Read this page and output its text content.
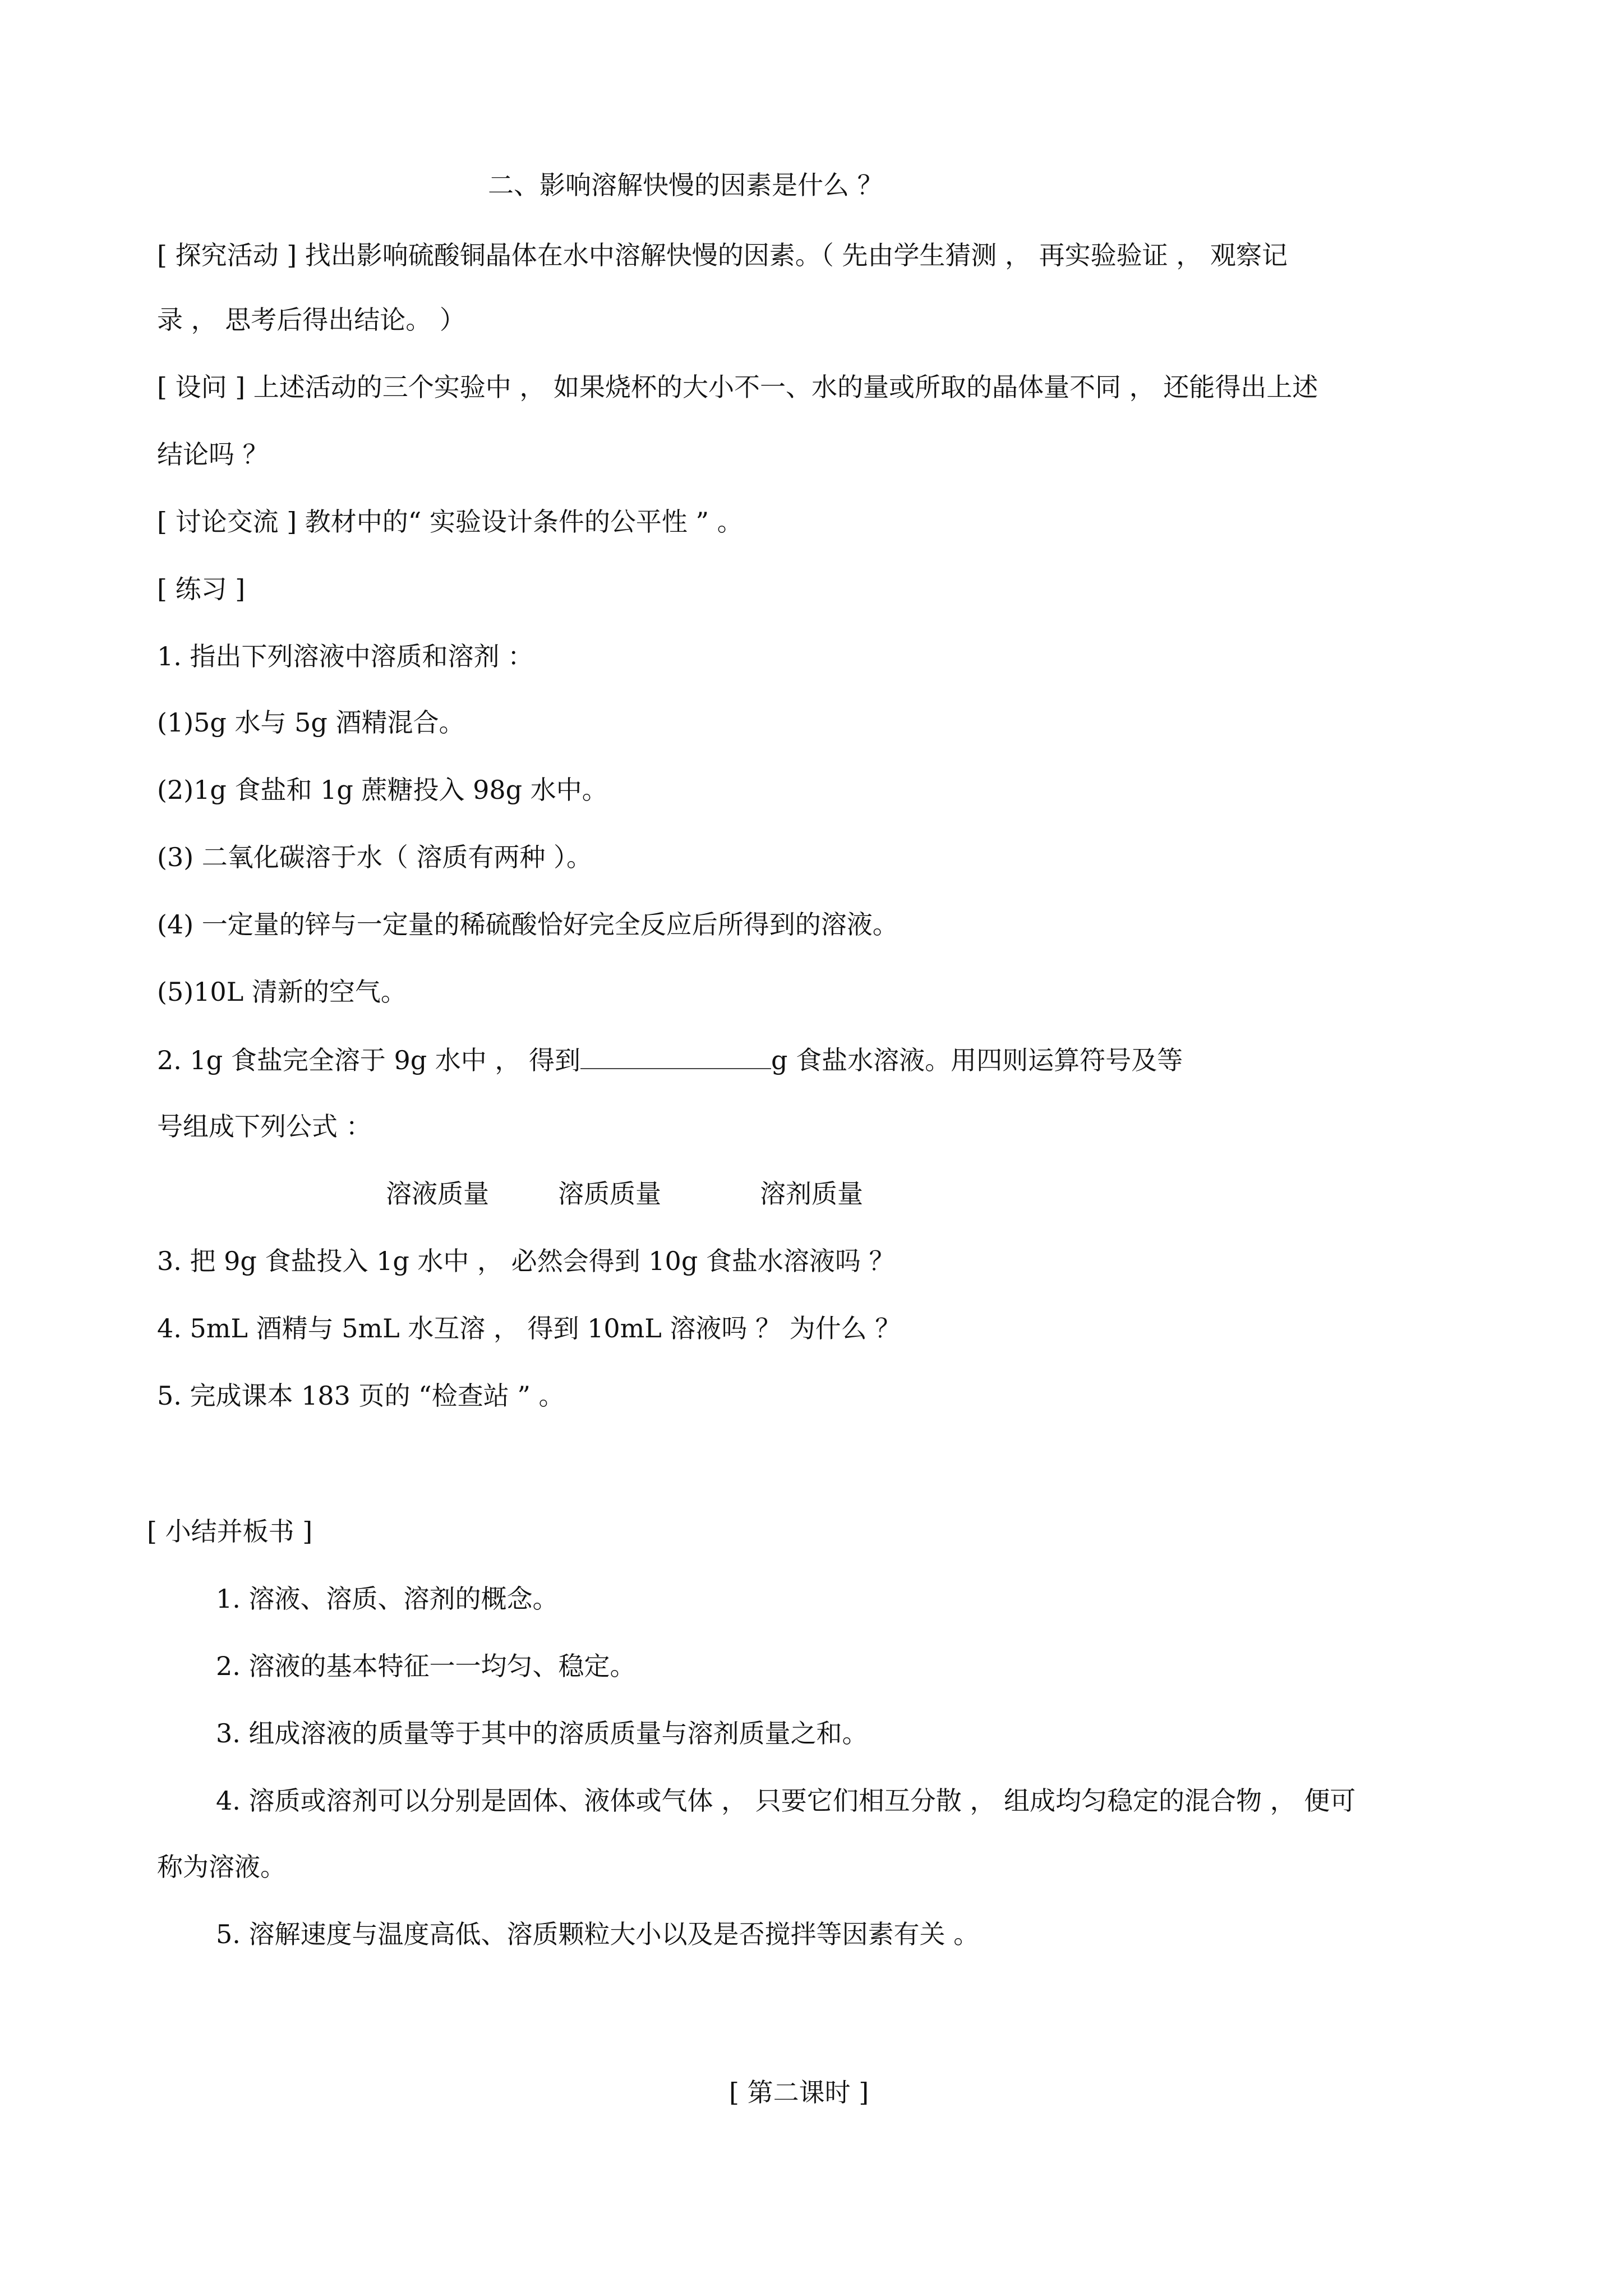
二、影响溶解快慢的因素是什么 ？

[ 探究活动 ] 找出影响硫酸铜晶体在水中溶解快慢的因素。（ 先由学生猜测 ， 再实验验证 ， 观察记

录 ， 思考后得出结论。 ）

[ 设问 ] 上述活动的三个实验中 ， 如果烧杯的大小不一、水的量或所取的晶体量不同 ， 还能得出上述

结论吗 ？

[ 讨论交流 ] 教材中的“ 实验设计条件的公平性 ” 。

[ 练习 ]

1. 指出下列溶液中溶质和溶剂 ：

(1)5g 水与 5g 酒精混合。

(2)1g 食盐和 1g 蔗糖投入 98g 水中。

(3) 二氧化碳溶于水（ 溶质有两种 ）。

(4) 一定量的锌与一定量的稀硫酸恰好完全反应后所得到的溶液。

(5)10L 清新的空气。

2. 1g 食盐完全溶于 9g 水中 ， 得到	g 食盐水溶液。用四则运算符号及等

号组成下列公式 ：

溶液质量	溶质质量	溶剂质量

3. 把 9g 食盐投入 1g 水中 ， 必然会得到 10g 食盐水溶液吗 ？

4. 5mL 酒精与 5mL 水互溶 ， 得到 10mL 溶液吗 ？ 为什么 ？

5. 完成课本 183 页的 “检查站 ” 。

[ 小结并板书 ]

1. 溶液、溶质、溶剂的概念。

2. 溶液的基本特征一一均匀、稳定。

3. 组成溶液的质量等于其中的溶质质量与溶剂质量之和。

4. 溶质或溶剂可以分别是固体、液体或气体 ， 只要它们相互分散 ， 组成均匀稳定的混合物 ， 便可

称为溶液。

5. 溶解速度与温度高低、溶质颗粒大小以及是否搅拌等因素有关 。

[ 第二课时 ]
